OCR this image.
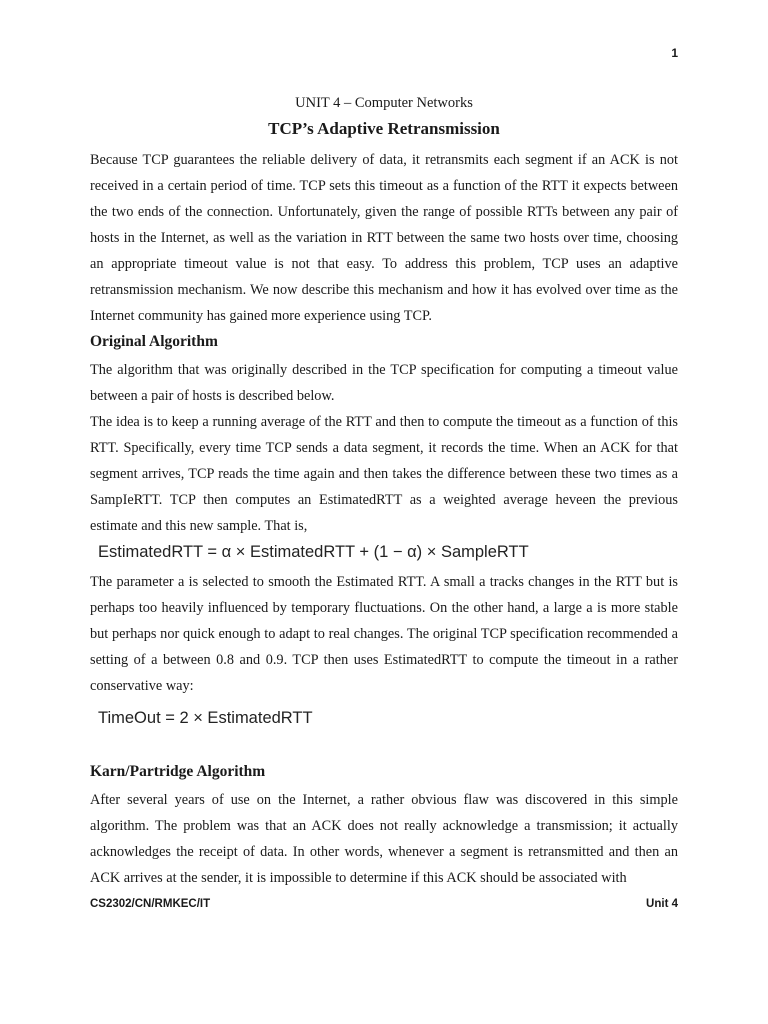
1
UNIT 4 – Computer Networks
TCP’s Adaptive Retransmission

Because TCP guarantees the reliable delivery of data, it retransmits each segment if an ACK is not received in a certain period of time. TCP sets this timeout as a function of the RTT it expects between the two ends of the connection. Unfortunately, given the range of possible RTTs between any pair of hosts in the Internet, as well as the variation in RTT between the same two hosts over time, choosing an appropriate timeout value is not that easy. To address this problem, TCP uses an adaptive retransmission mechanism. We now describe this mechanism and how it has evolved over time as the Internet community has gained more experience using TCP.

Original Algorithm

The algorithm that was originally described in the TCP specification for computing a timeout value between a pair of hosts is described below.

The idea is to keep a running average of the RTT and then to compute the timeout as a function of this RTT. Specifically, every time TCP sends a data segment, it records the time. When an ACK for that segment arrives, TCP reads the time again and then takes the difference between these two times as a SampIeRTT. TCP then computes an EstimatedRTT as a weighted average heveen the previous estimate and this new sample. That is,

EstimatedRTT = α × EstimatedRTT + (1 − α) × SampleRTT

The parameter a is selected to smooth the Estimated RTT. A small a tracks changes in the RTT but is perhaps too heavily influenced by temporary fluctuations. On the other hand, a large a is more stable but perhaps nor quick enough to adapt to real changes. The original TCP specification recommended a setting of a between 0.8 and 0.9. TCP then uses EstimatedRTT to compute the timeout in a rather conservative way:

TimeOut = 2 × EstimatedRTT
Karn/Partridge Algorithm

After several years of use on the Internet, a rather obvious flaw was discovered in this simple algorithm. The problem was that an ACK does not really acknowledge a transmission; it actually acknowledges the receipt of data. In other words, whenever a segment is retransmitted and then an ACK arrives at the sender, it is impossible to determine if this ACK should be associated with

CS2302/CN/RMKEC/IT	Unit 4
